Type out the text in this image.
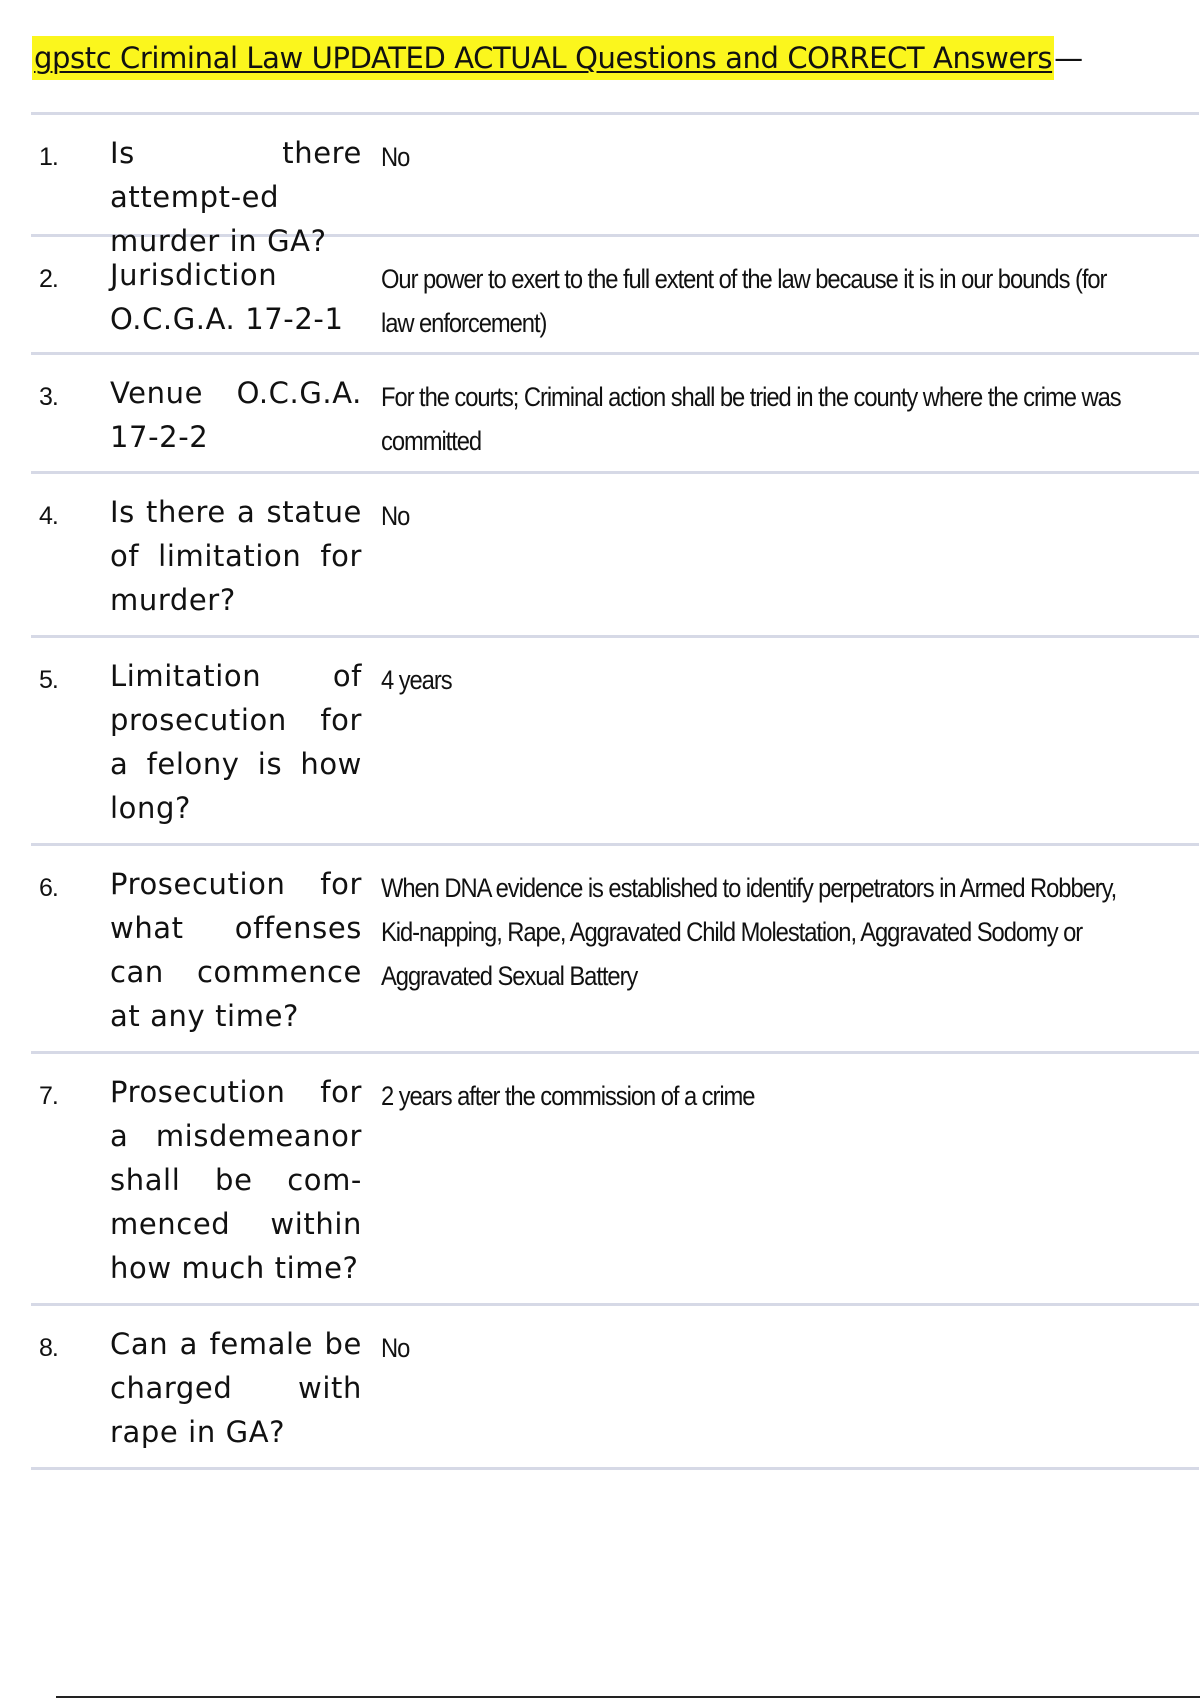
gpstc Criminal Law UPDATED ACTUAL Questions and CORRECT Answers—
1. Is there attempt-ed murder in GA?
No
2. Jurisdiction O.C.G.A. 17-2-1
Our power to exert to the full extent of the law because it is in our bounds (for law enforcement)
3. Venue O.C.G.A. 17-2-2
For the courts; Criminal action shall be tried in the county where the crime was committed
4. Is there a statue of limitation for murder?
No
5. Limitation of prosecution for a felony is how long?
4 years
6. Prosecution for what offenses can commence at any time?
When DNA evidence is established to identify perpetrators in Armed Robbery, Kid-napping, Rape, Aggravated Child Molestation, Aggravated Sodomy or Aggravated Sexual Battery
7. Prosecution for a misdemeanor shall be com-menced within how much time?
2 years after the commission of a crime
8. Can a female be charged with rape in GA?
No
